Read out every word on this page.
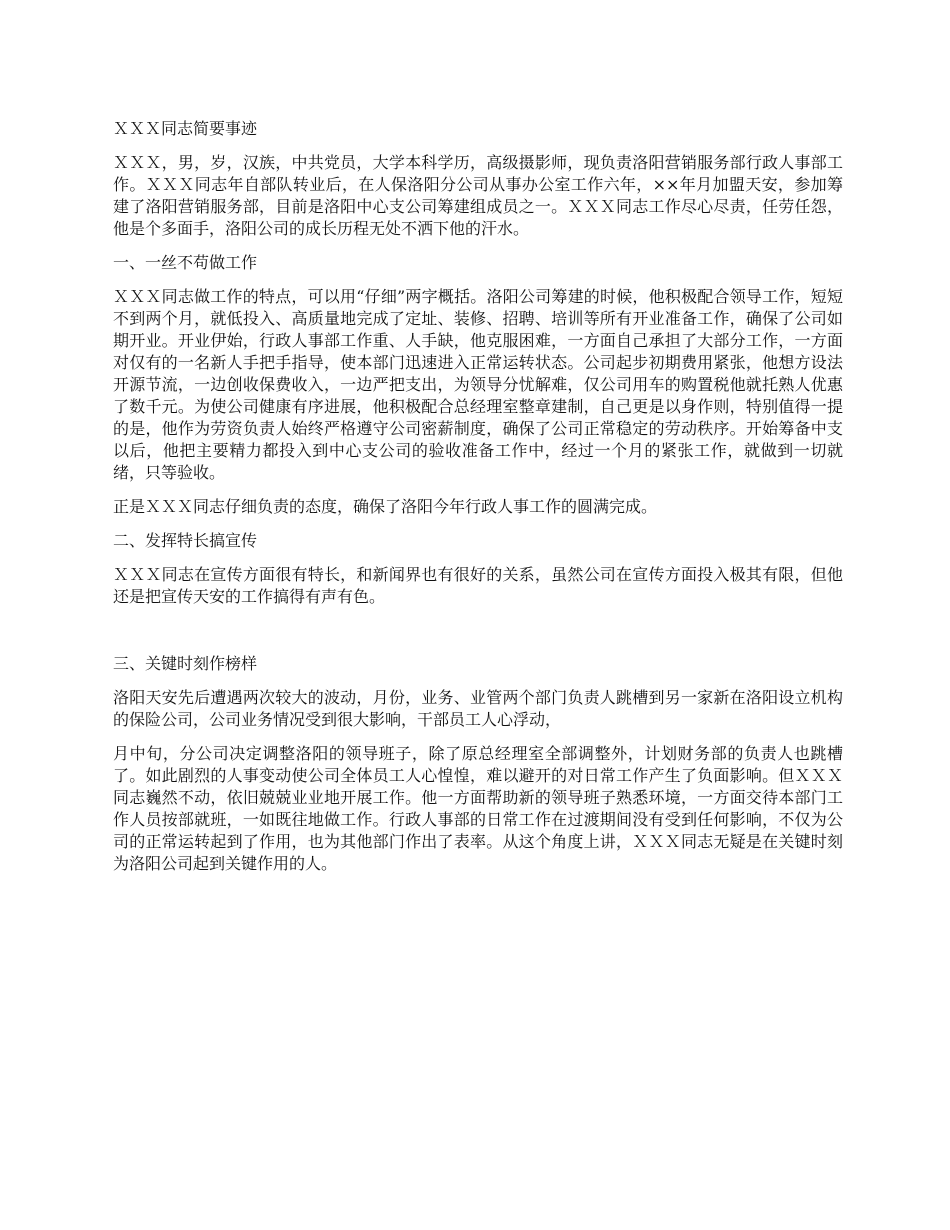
ＸＸＸ同志简要事迹

ＸＸＸ，男，岁，汉族，中共党员，大学本科学历，高级摄影师，现负责洛阳营销服务部行政人事部工作。ＸＸＸ同志年自部队转业后，在人保洛阳分公司从事办公室工作六年，××年月加盟天安，参加筹建了洛阳营销服务部，目前是洛阳中心支公司筹建组成员之一。ＸＸＸ同志工作尽心尽责，任劳任怨，他是个多面手，洛阳公司的成长历程无处不洒下他的汗水。

一、一丝不苟做工作

ＸＸＸ同志做工作的特点，可以用“仔细”两字概括。洛阳公司筹建的时候，他积极配合领导工作，短短不到两个月，就低投入、高质量地完成了定址、装修、招聘、培训等所有开业准备工作，确保了公司如期开业。开业伊始，行政人事部工作重、人手缺，他克服困难，一方面自己承担了大部分工作，一方面对仅有的一名新人手把手指导，使本部门迅速进入正常运转状态。公司起步初期费用紧张，他想方设法开源节流，一边创收保费收入，一边严把支出，为领导分忧解难，仅公司用车的购置税他就托熟人优惠了数千元。为使公司健康有序进展，他积极配合总经理室整章建制，自己更是以身作则，特别值得一提的是，他作为劳资负责人始终严格遵守公司密薪制度，确保了公司正常稳定的劳动秩序。开始筹备中支以后，他把主要精力都投入到中心支公司的验收准备工作中，经过一个月的紧张工作，就做到一切就绪，只等验收。

正是ＸＸＸ同志仔细负责的态度，确保了洛阳今年行政人事工作的圆满完成。

二、发挥特长搞宣传

ＸＸＸ同志在宣传方面很有特长，和新闻界也有很好的关系，虽然公司在宣传方面投入极其有限，但他还是把宣传天安的工作搞得有声有色。

三、关键时刻作榜样

洛阳天安先后遭遇两次较大的波动，月份，业务、业管两个部门负责人跳槽到另一家新在洛阳设立机构的保险公司，公司业务情况受到很大影响，干部员工人心浮动，

月中旬，分公司决定调整洛阳的领导班子，除了原总经理室全部调整外，计划财务部的负责人也跳槽了。如此剧烈的人事变动使公司全体员工人心惶惶，难以避开的对日常工作产生了负面影响。但ＸＸＸ同志巍然不动，依旧兢兢业业地开展工作。他一方面帮助新的领导班子熟悉环境，一方面交待本部门工作人员按部就班，一如既往地做工作。行政人事部的日常工作在过渡期间没有受到任何影响，不仅为公司的正常运转起到了作用，也为其他部门作出了表率。从这个角度上讲，ＸＸＸ同志无疑是在关键时刻为洛阳公司起到关键作用的人。
